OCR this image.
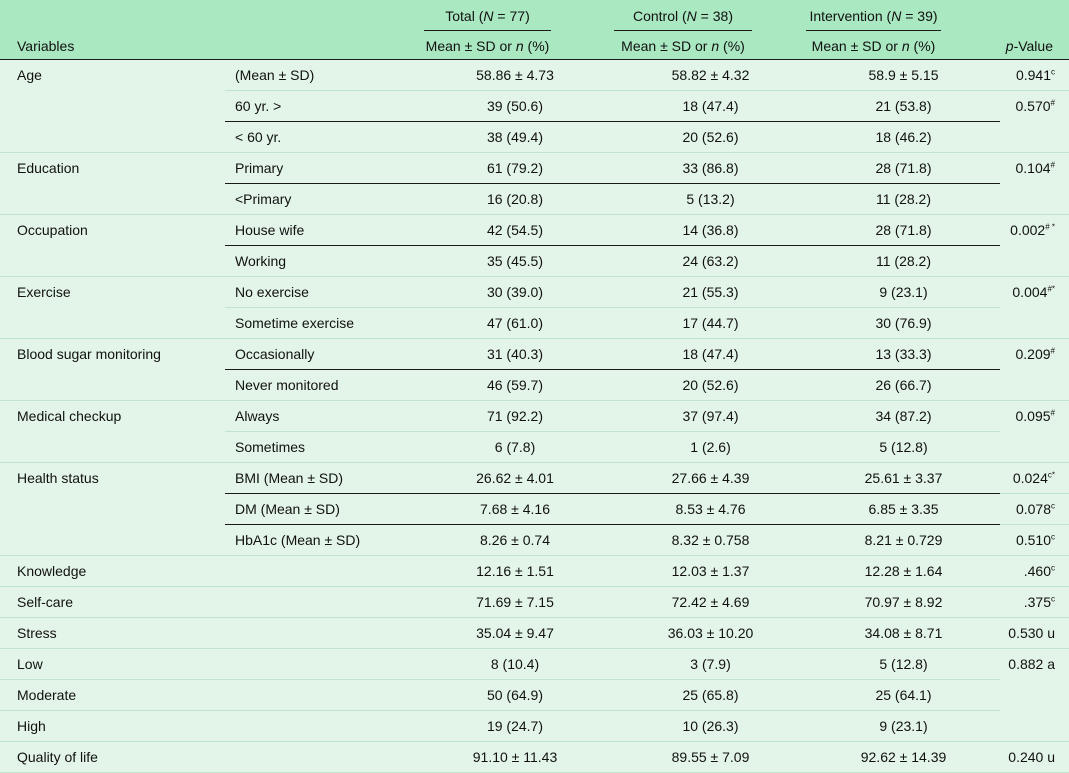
Variables
Total (N = 77)	Control (N = 38)	Intervention (N = 39)
Mean ± SD or n (%)	Mean ± SD or n (%)	Mean ± SD or n (%)	p-Value
Age	(Mean ± SD)	58.86 ± 4.73	58.82 ± 4.32	58.9 ± 5.15	0.941$^c$
	60 yr. >	39 (50.6)	18 (47.4)	21 (53.8)	0.570#
	< 60 yr.	38 (49.4)	20 (52.6)	18 (46.2)	
Education	Primary	61 (79.2)	33 (86.8)	28 (71.8)	0.104#
	<Primary	16 (20.8)	5 (13.2)	11 (28.2)	
Occupation	House wife	42 (54.5)	14 (36.8)	28 (71.8)	0.002# *
	Working	35 (45.5)	24 (63.2)	11 (28.2)	
Exercise	No exercise	30 (39.0)	21 (55.3)	9 (23.1)	0.004#*
	Sometime exercise	47 (61.0)	17 (44.7)	30 (76.9)	
Blood sugar monitoring	Occasionally	31 (40.3)	18 (47.4)	13 (33.3)	0.209#
	Never monitored	46 (59.7)	20 (52.6)	26 (66.7)	
Medical checkup	Always	71 (92.2)	37 (97.4)	34 (87.2)	0.095#
	Sometimes	6 (7.8)	1 (2.6)	5 (12.8)	
Health status	BMI (Mean ± SD)	26.62 ± 4.01	27.66 ± 4.39	25.61 ± 3.37	$0.024^{c*}$
	DM (Mean ± SD)	7.68 ± 4.16	8.53 ± 4.76	6.85 ± 3.35	0.078$^c$
	HbA1c (Mean ± SD)	8.26 ± 0.74	8.32 ± 0.758	8.21 ± 0.729	0.510$^c$
Knowledge		12.16 ± 1.51	12.03 ± 1.37	12.28 ± 1.64	.460$^c$
Self-care		71.69 ± 7.15	72.42 ± 4.69	70.97 ± 8.92	.375$^c$
Stress		35.04 ± 9.47	36.03 ± 10.20	34.08 ± 8.71	0.530 u
Low		8 (10.4)	3 (7.9)	5 (12.8)	0.882 a
Moderate		50 (64.9)	25 (65.8)	25 (64.1)	
High		19 (24.7)	10 (26.3)	9 (23.1)	
Quality of life		91.10 ± 11.43	89.55 ± 7.09	92.62 ± 14.39	0.240 u
